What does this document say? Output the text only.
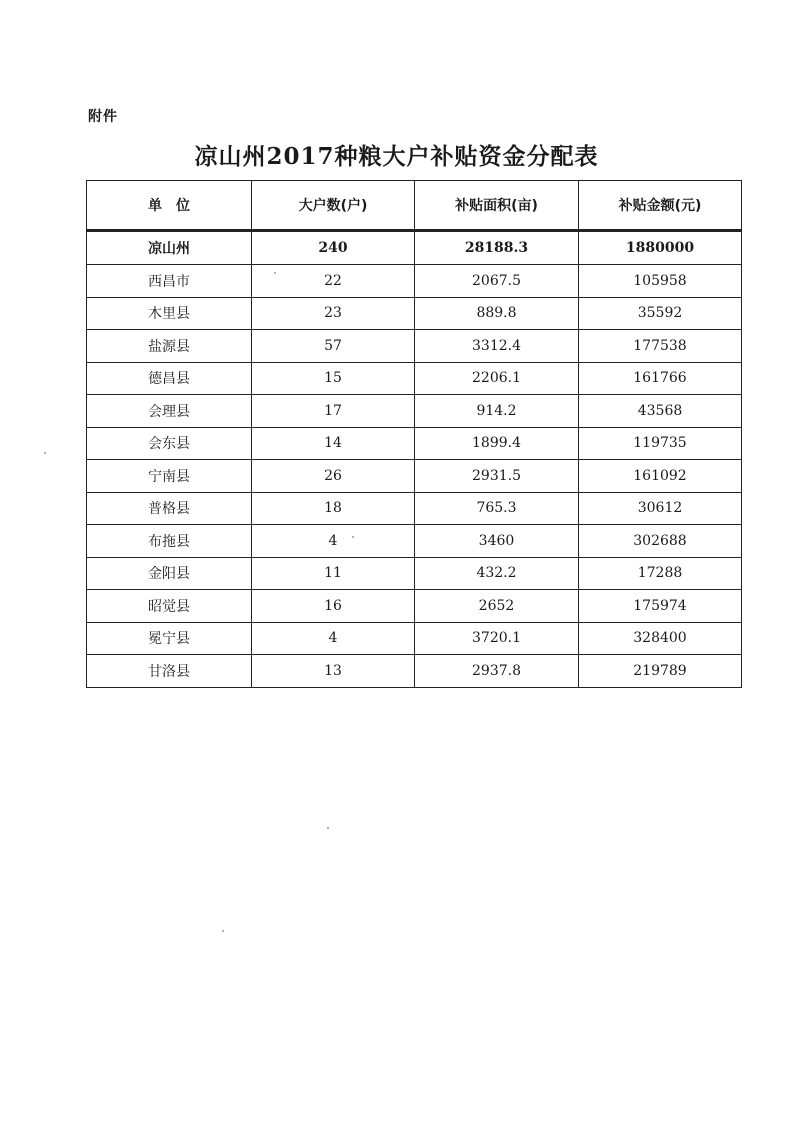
附件
凉山州2017种粮大户补贴资金分配表
单　位	大户数(户)	补贴面积(亩)	补贴金额(元)
凉山州	240	28188.3	1880000
西昌市	22	2067.5	105958
木里县	23	889.8	35592
盐源县	57	3312.4	177538
德昌县	15	2206.1	161766
会理县	17	914.2	43568
会东县	14	1899.4	119735
宁南县	26	2931.5	161092
普格县	18	765.3	30612
布拖县	4	3460	302688
金阳县	11	432.2	17288
昭觉县	16	2652	175974
冕宁县	4	3720.1	328400
甘洛县	13	2937.8	219789
